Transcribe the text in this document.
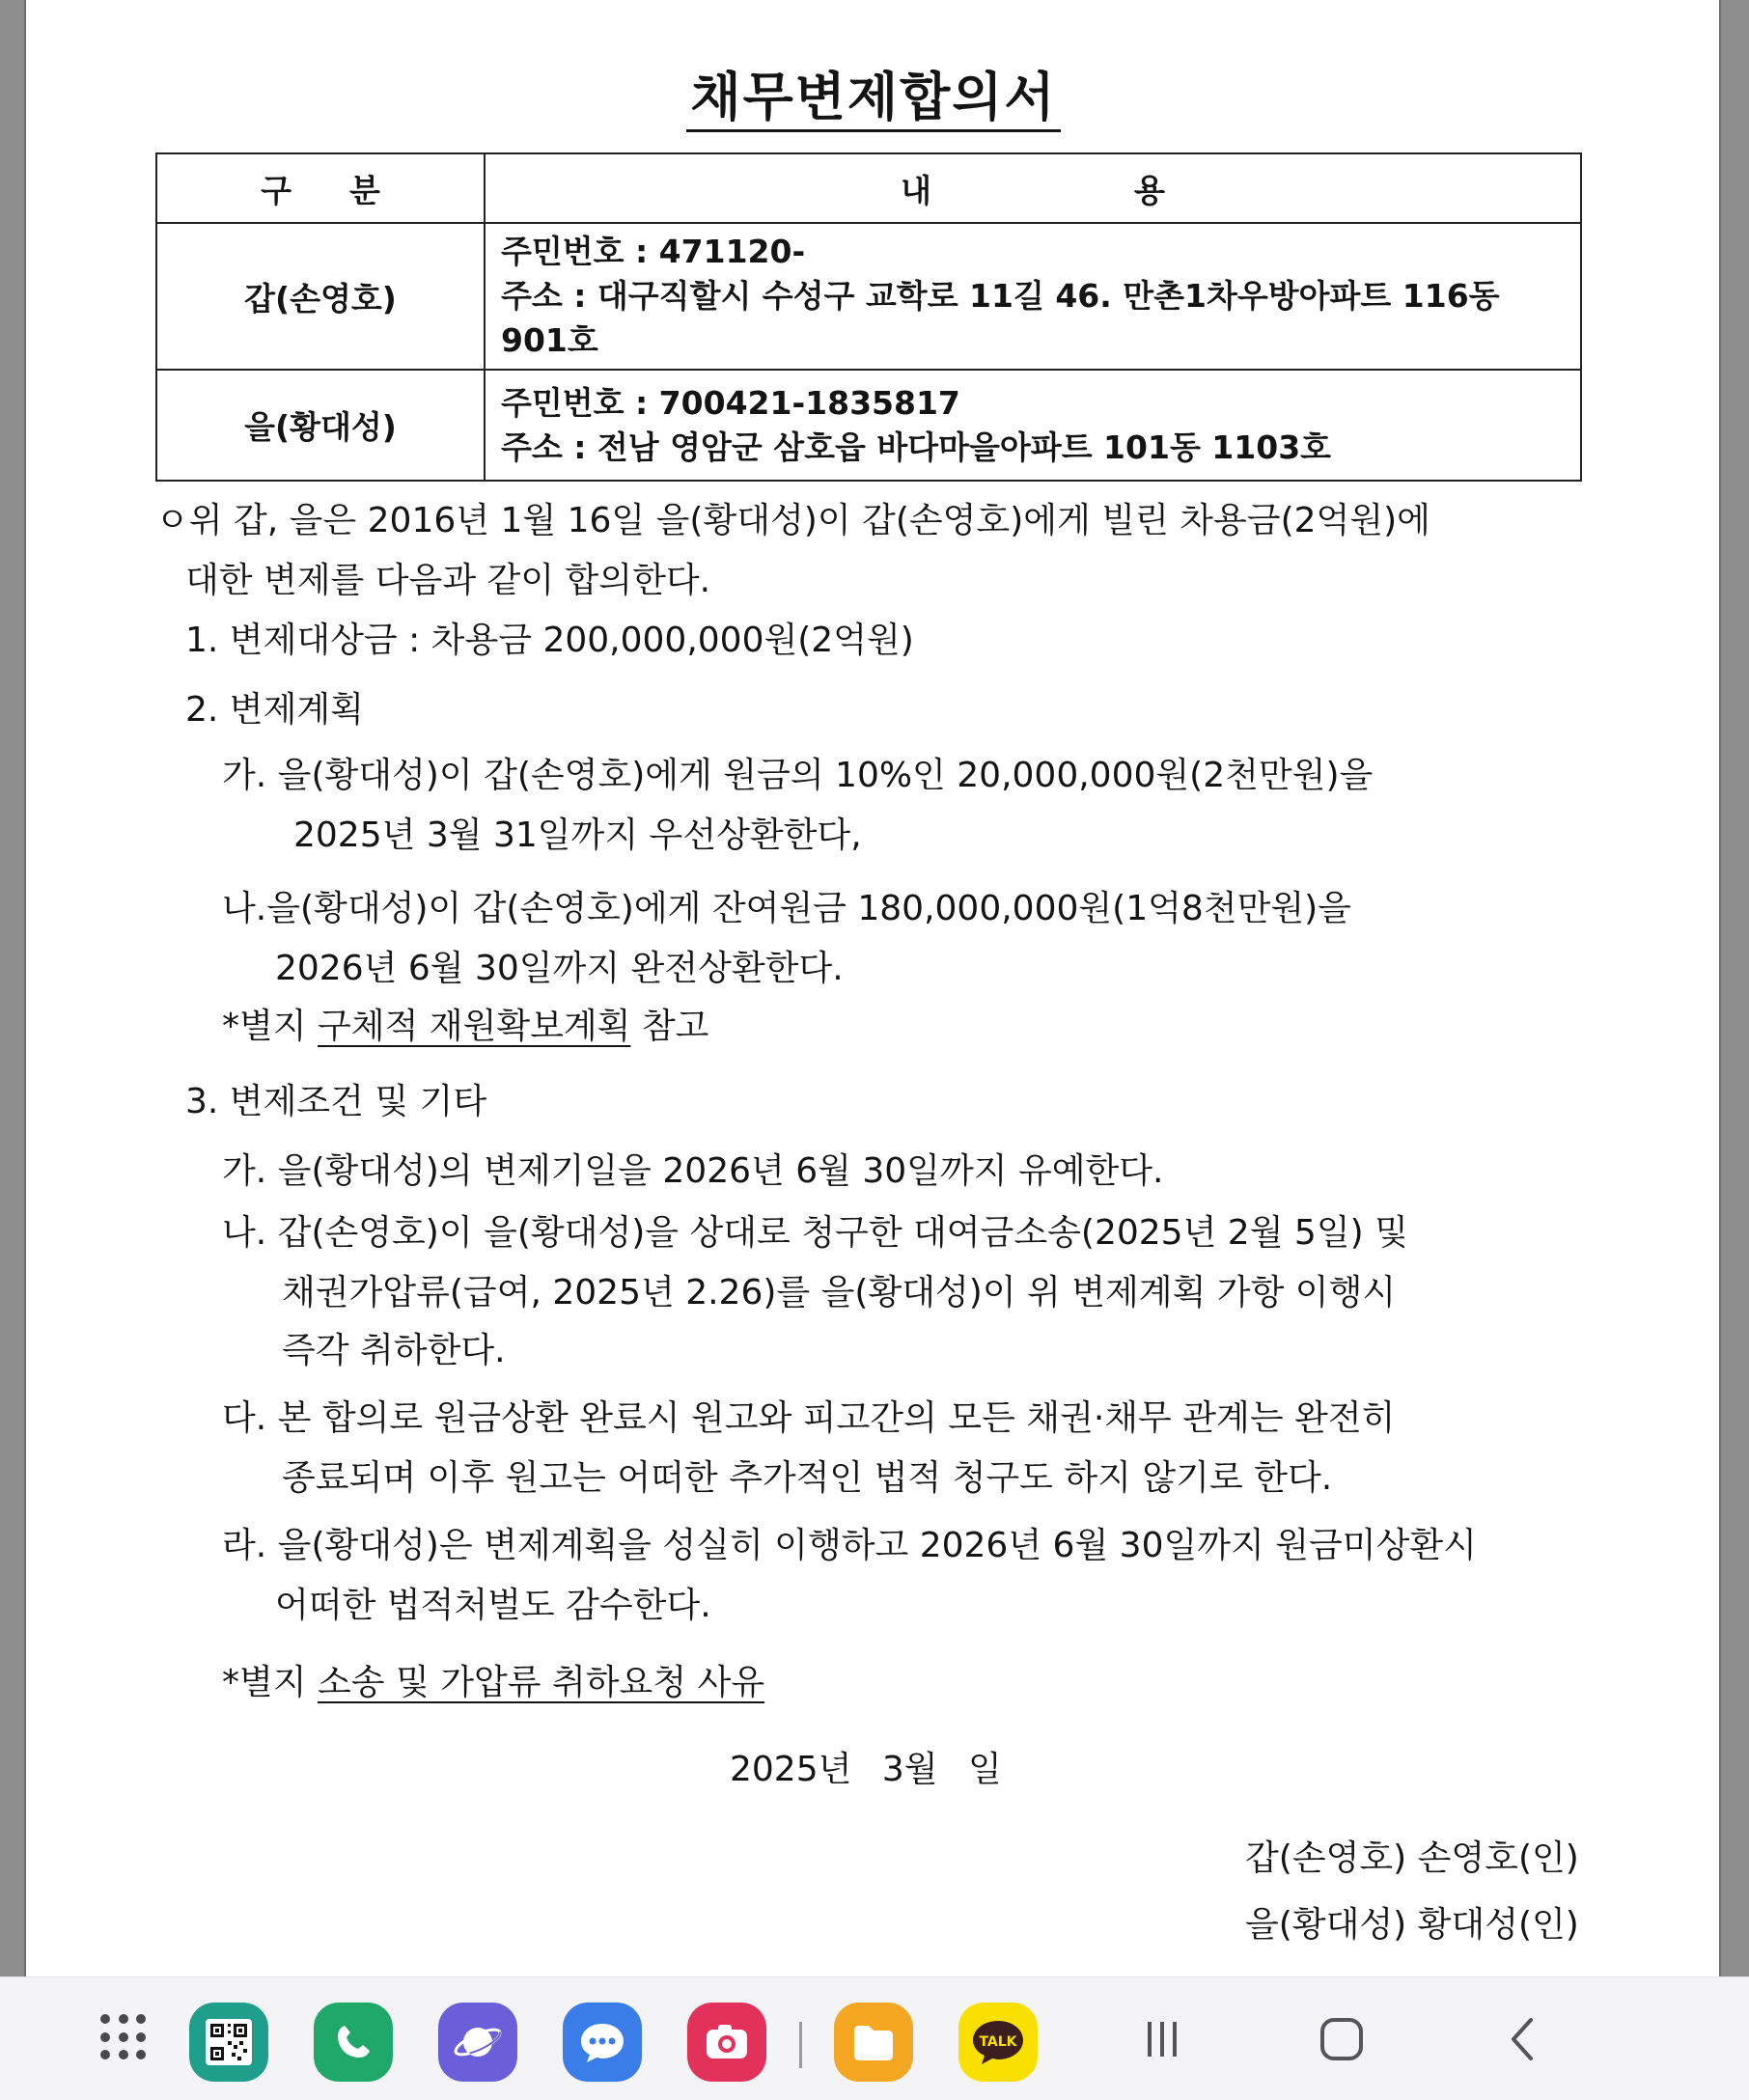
채무변제합의서
구분	내용
갑(손영호)	주민번호 : 471120-
주소 : 대구직할시 수성구 교학로 11길 46. 만촌1차우방아파트 116동 901호

을(황대성)	주민번호 : 700421-1835817
주소 : 전남 영암군 삼호읍 바다마을아파트 101동 1103호
ㅇ위 갑, 을은 2016년 1월 16일 을(황대성)이 갑(손영호)에게 빌린 차용금(2억원)에
대한 변제를 다음과 같이 합의한다.
1. 변제대상금 : 차용금 200,000,000원(2억원)
2. 변제계획
가. 을(황대성)이 갑(손영호)에게 원금의 10%인 20,000,000원(2천만원)을
2025년 3월 31일까지 우선상환한다,
나.을(황대성)이 갑(손영호)에게 잔여원금 180,000,000원(1억8천만원)을
2026년 6월 30일까지 완전상환한다.
*별지 구체적 재원확보계획 참고
3. 변제조건 및 기타
가. 을(황대성)의 변제기일을 2026년 6월 30일까지 유예한다.
나. 갑(손영호)이 을(황대성)을 상대로 청구한 대여금소송(2025년 2월 5일) 및
채권가압류(급여, 2025년 2.26)를 을(황대성)이 위 변제계획 가항 이행시
즉각 취하한다.
다. 본 합의로 원금상환 완료시 원고와 피고간의 모든 채권·채무 관계는 완전히
종료되며 이후 원고는 어떠한 추가적인 법적 청구도 하지 않기로 한다.
라. 을(황대성)은 변제계획을 성실히 이행하고 2026년 6월 30일까지 원금미상환시
어떠한 법적처벌도 감수한다.
*별지 소송 및 가압류 취하요청 사유
2025년 3월 일
갑(손영호) 손영호(인)
을(황대성) 황대성(인)
TALK
